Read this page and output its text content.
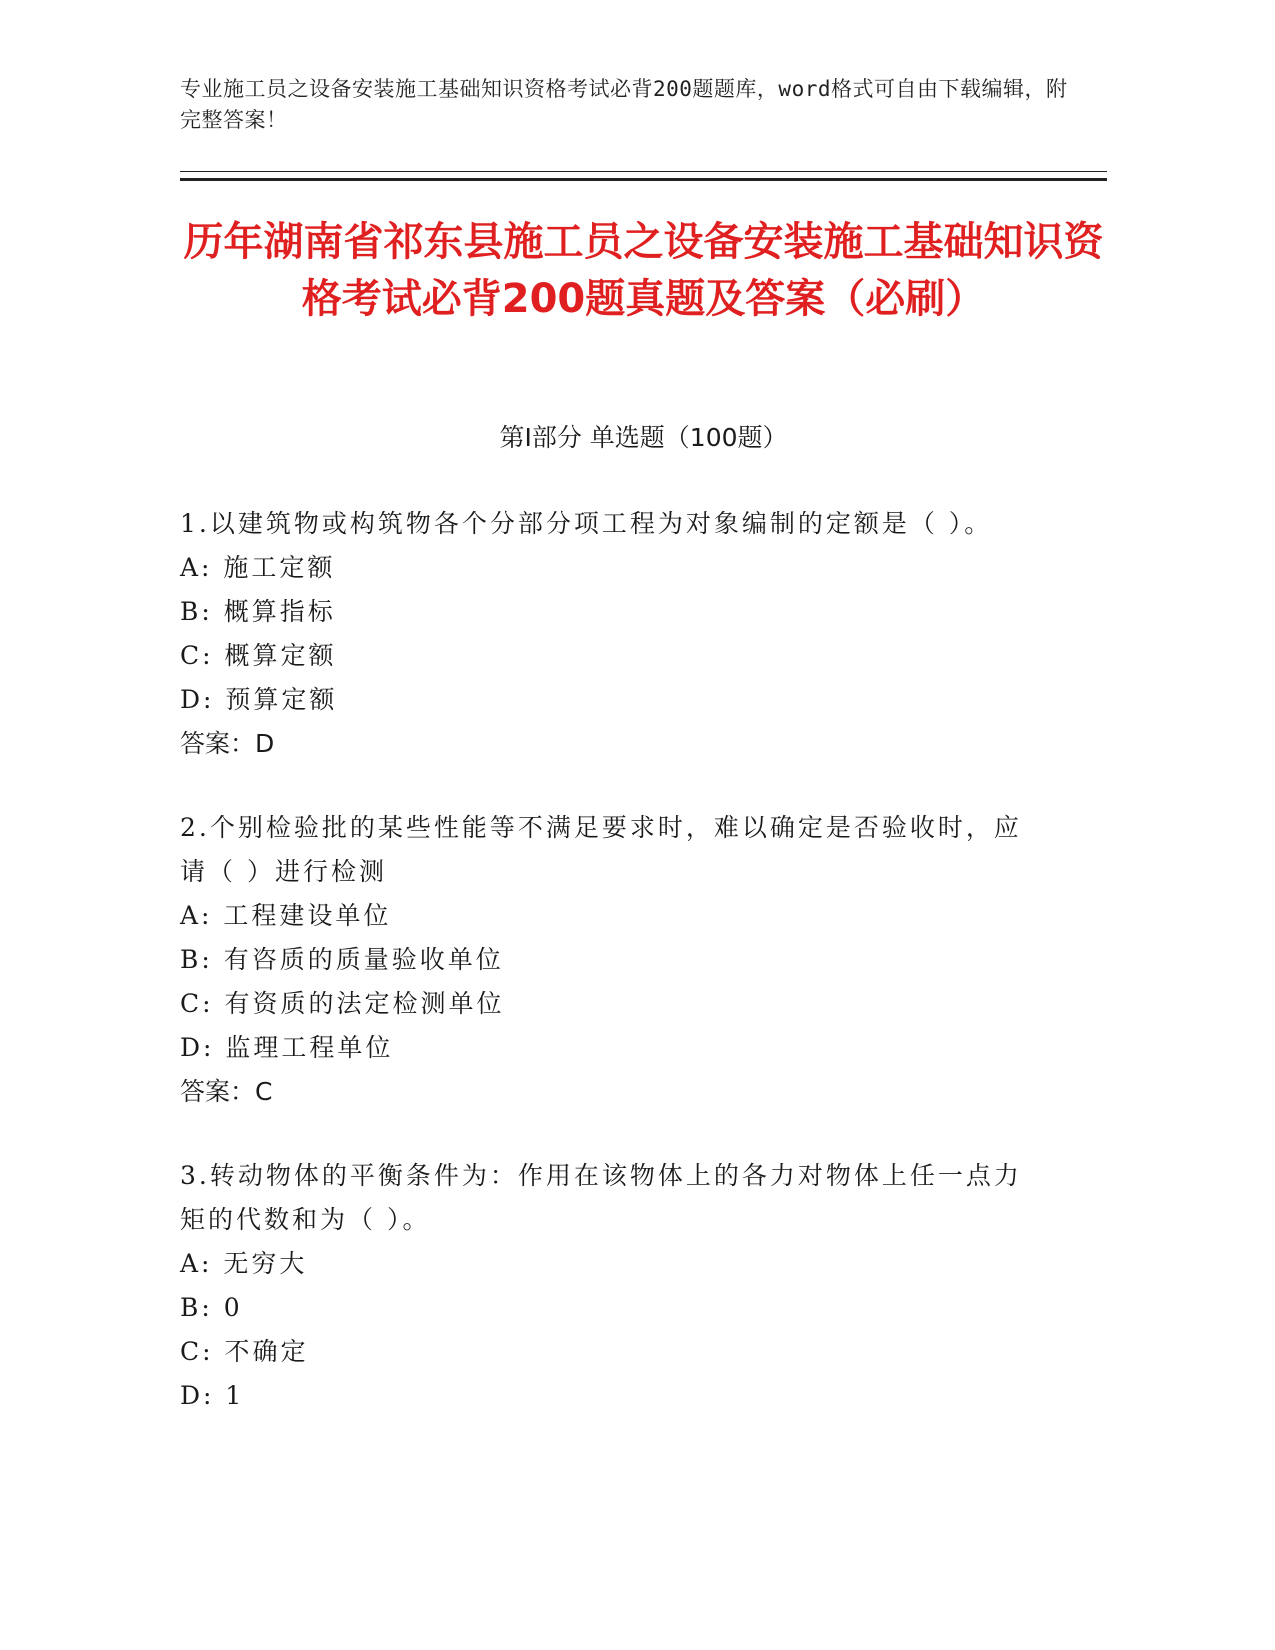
专业施工员之设备安装施工基础知识资格考试必背200题题库，word格式可自由下载编辑，附完整答案！
历年湖南省祁东县施工员之设备安装施工基础知识资格考试必背200题真题及答案（必刷）
第Ⅰ部分 单选题（100题）
1.以建筑物或构筑物各个分部分项工程为对象编制的定额是（ ）。
A: 施工定额
B: 概算指标
C: 概算定额
D: 预算定额
答案：D
2.个别检验批的某些性能等不满足要求时，难以确定是否验收时，应请（ ）进行检测
A: 工程建设单位
B: 有咨质的质量验收单位
C: 有资质的法定检测单位
D: 监理工程单位
答案：C
3.转动物体的平衡条件为：作用在该物体上的各力对物体上任一点力矩的代数和为（ ）。
A: 无穷大
B: 0
C: 不确定
D: 1
